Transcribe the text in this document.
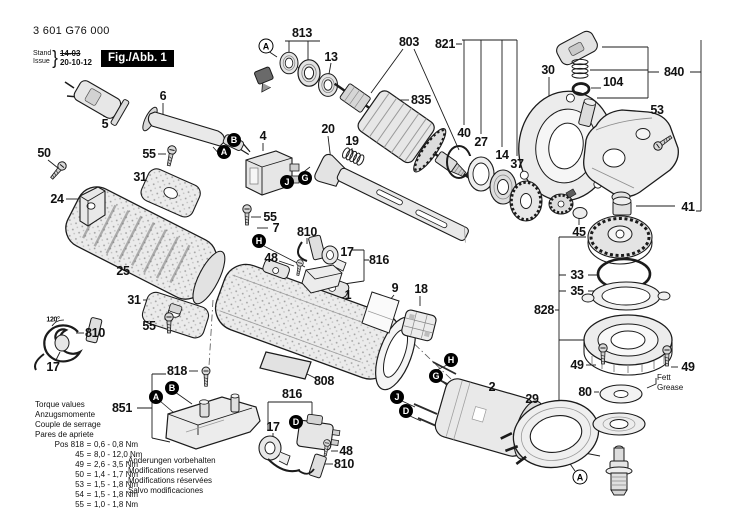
3 601 G76 000
Stand
Issue } 14-03
20-10-12	Fig./Abb. 1
Torque values
Anzugsmomente
Couple de serrage
Pares de apriete
Pos 818 = 0,6 - 0,8 Nm
45 = 8,0 - 12,0 Nm
49 = 2,6 - 3,5 Nm
50 = 1,4 - 1,7 Nm
53 = 1,5 - 1,8 Nm
54 = 1,5 - 1,8 Nm
55 = 1,0 - 1,8 Nm
Änderungen vorbehalten
Modifications reserved
Modifications réservées
Salvo modificaciones
Fett
Grease
813
13
803
835
821
30
104
840
53
41
5
6
55
50
24
31
25
31
55
810
17
120°
4	20
19
55
7 810
48	17
816
1	9 18
808
40
27
14
37
45
33
35
828
49	49
80
2
29
851
818
17
816
48
810
A
B
A
J	G
H
H
G
J
D
A
B
D
A
